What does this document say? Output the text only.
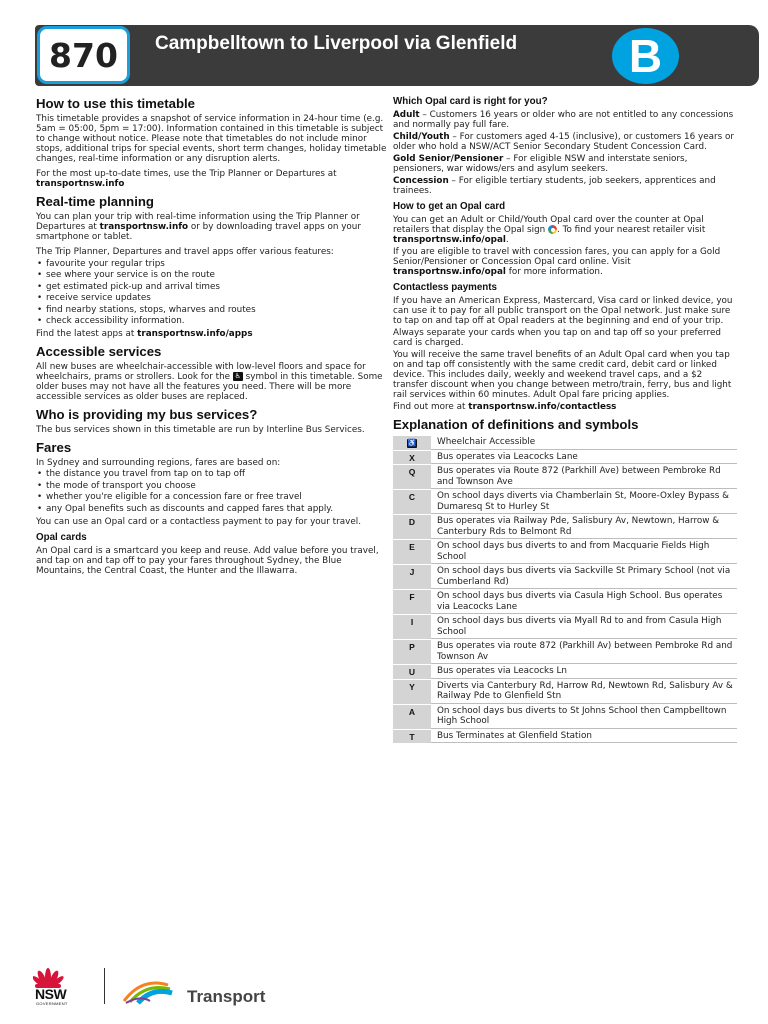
870	Campbelltown to Liverpool via Glenfield	B
How to use this timetable

This timetable provides a snapshot of service information in 24-hour time (e.g. 5am = 05:00, 5pm = 17:00). Information contained in this timetable is subject to change without notice. Please note that timetables do not include minor stops, additional trips for special events, short term changes, holiday timetable changes, real-time information or any disruption alerts.

For the most up-to-date times, use the Trip Planner or Departures at transportnsw.info

Real-time planning

You can plan your trip with real-time information using the Trip Planner or Departures at transportnsw.info or by downloading travel apps on your smartphone or tablet.

The Trip Planner, Departures and travel apps offer various features:

• favourite your regular trips
• see where your service is on the route
• get estimated pick-up and arrival times
• receive service updates
• find nearby stations, stops, wharves and routes
• check accessibility information.

Find the latest apps at transportnsw.info/apps

Accessible services

All new buses are wheelchair-accessible with low-level floors and space for wheelchairs, prams or strollers. Look for the ♿ symbol in this timetable. Some older buses may not have all the features you need. There will be more accessible services as older buses are replaced.

Who is providing my bus services?

The bus services shown in this timetable are run by Interline Bus Services.

Fares

In Sydney and surrounding regions, fares are based on:

• the distance you travel from tap on to tap off
• the mode of transport you choose
• whether you're eligible for a concession fare or free travel
• any Opal benefits such as discounts and capped fares that apply.

You can use an Opal card or a contactless payment to pay for your travel.

Opal cards

An Opal card is a smartcard you keep and reuse. Add value before you travel, and tap on and tap off to pay your fares throughout Sydney, the Blue Mountains, the Central Coast, the Hunter and the Illawarra.

Which Opal card is right for you?

Adult – Customers 16 years or older who are not entitled to any concessions and normally pay full fare.

Child/Youth – For customers aged 4-15 (inclusive), or customers 16 years or older who hold a NSW/ACT Senior Secondary Student Concession Card.

Gold Senior/Pensioner – For eligible NSW and interstate seniors, pensioners, war widows/ers and asylum seekers.

Concession – For eligible tertiary students, job seekers, apprentices and trainees.

How to get an Opal card

You can get an Adult or Child/Youth Opal card over the counter at Opal retailers that display the Opal sign . To find your nearest retailer visit transportnsw.info/opal.

If you are eligible to travel with concession fares, you can apply for a Gold Senior/Pensioner or Concession Opal card online. Visit transportnsw.info/opal for more information.

Contactless payments

If you have an American Express, Mastercard, Visa card or linked device, you can use it to pay for all public transport on the Opal network. Just make sure to tap on and tap off at Opal readers at the beginning and end of your trip.

Always separate your cards when you tap on and tap off so your preferred card is charged.

You will receive the same travel benefits of an Adult Opal card when you tap on and tap off consistently with the same credit card, debit card or linked device. This includes daily, weekly and weekend travel caps, and a $2 transfer discount when you change between metro/train, ferry, bus and light rail services within 60 minutes. Adult Opal fare pricing applies.

Find out more at transportnsw.info/contactless

Explanation of definitions and symbols
♿	Wheelchair Accessible
X	Bus operates via Leacocks Lane
Q	Bus operates via Route 872 (Parkhill Ave) between Pembroke Rd and Townson Ave
C	On school days diverts via Chamberlain St, Moore-Oxley Bypass & Dumaresq St to Hurley St
D	Bus operates via Railway Pde, Salisbury Av, Newtown, Harrow & Canterbury Rds to Belmont Rd
E	On school days bus diverts to and from Macquarie Fields High School
J	On school days bus diverts via Sackville St Primary School (not via Cumberland Rd)
F	On school days bus diverts via Casula High School. Bus operates via Leacocks Lane
I	On school days bus diverts via Myall Rd to and from Casula High School
P	Bus operates via route 872 (Parkhill Av) between Pembroke Rd and Townson Av
U	Bus operates via Leacocks Ln
Y	Diverts via Canterbury Rd, Harrow Rd, Newtown Rd, Salisbury Av & Railway Pde to Glenfield Stn
A	On school days bus diverts to St Johns School then Campbelltown High School
T	Bus Terminates at Glenfield Station
NSW
GOVERNMENT	Transport
